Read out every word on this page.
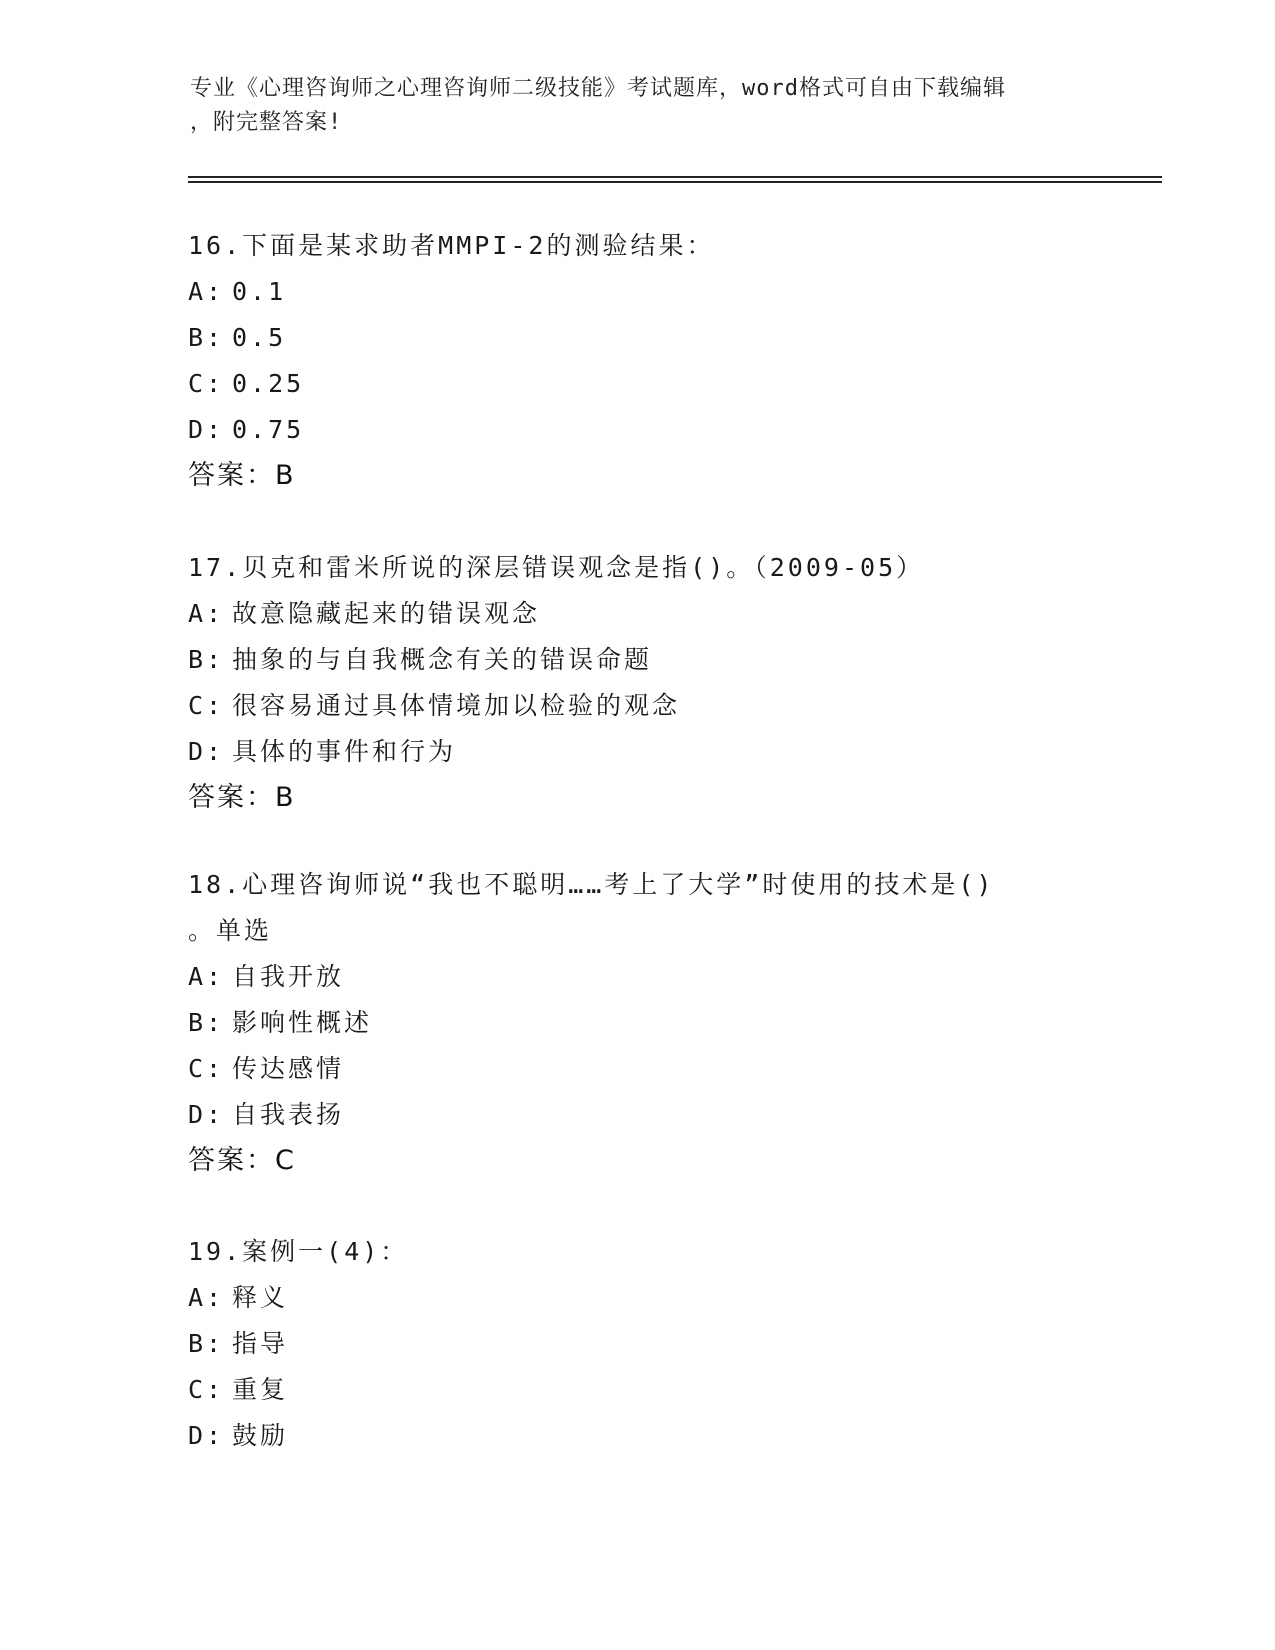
专业《心理咨询师之心理咨询师二级技能》考试题库，word格式可自由下载编辑
，附完整答案!
16.下面是某求助者MMPI-2的测验结果：
A: 0.1
B: 0.5
C: 0.25
D: 0.75
答案：B
17.贝克和雷米所说的深层错误观念是指()。（2009-05）
A: 故意隐藏起来的错误观念
B: 抽象的与自我概念有关的错误命题
C: 很容易通过具体情境加以检验的观念
D: 具体的事件和行为
答案：B
18.心理咨询师说“我也不聪明……考上了大学”时使用的技术是()
。单选
A: 自我开放
B: 影响性概述
C: 传达感情
D: 自我表扬
答案：C
19.案例一(4)：
A: 释义
B: 指导
C: 重复
D: 鼓励
